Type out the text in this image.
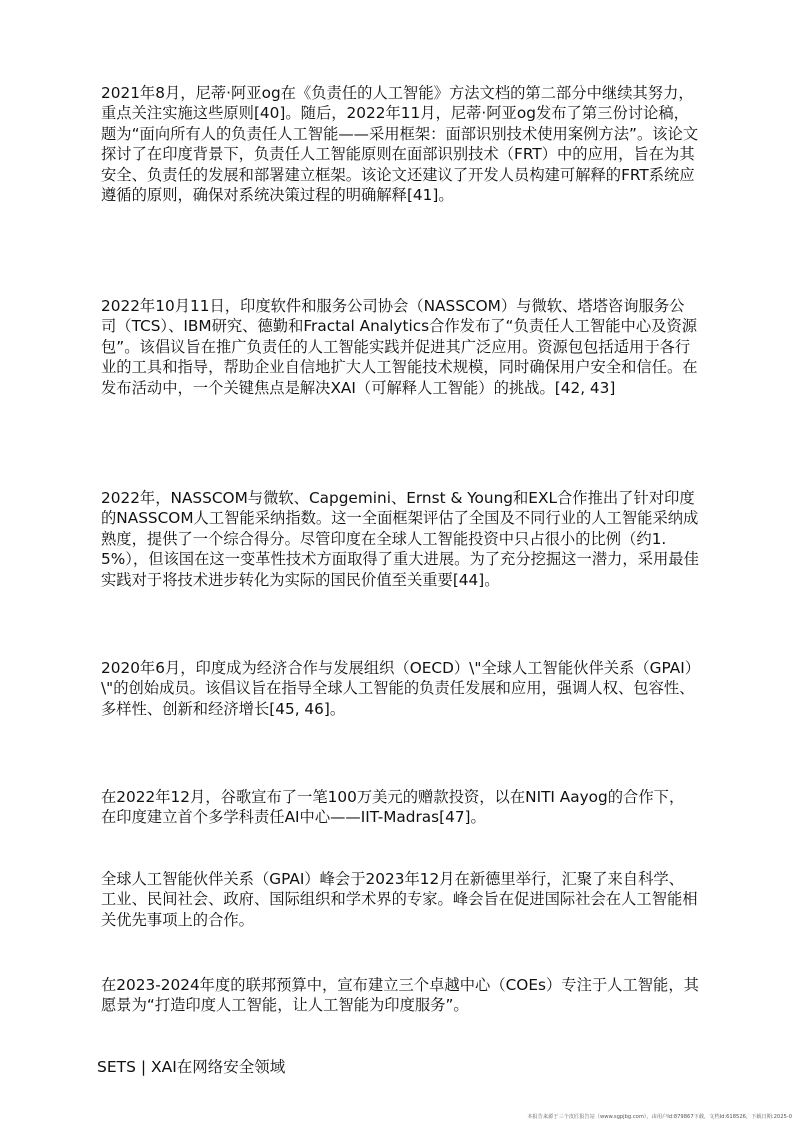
2021年8月，尼蒂·阿亚og在《负责任的人工智能》方法文档的第二部分中继续其努力，重点关注实施这些原则[40]。随后，2022年11月，尼蒂·阿亚og发布了第三份讨论稿，题为“面向所有人的负责任人工智能——采用框架：面部识别技术使用案例方法”。该论文探讨了在印度背景下，负责任人工智能原则在面部识别技术（FRT）中的应用，旨在为其安全、负责任的发展和部署建立框架。该论文还建议了开发人员构建可解释的FRT系统应遵循的原则，确保对系统决策过程的明确解释[41]。

2022年10月11日，印度软件和服务公司协会（NASSCOM）与微软、塔塔咨询服务公司（TCS）、IBM研究、德勤和Fractal Analytics合作发布了“负责任人工智能中心及资源包”。该倡议旨在推广负责任的人工智能实践并促进其广泛应用。资源包包括适用于各行业的工具和指导，帮助企业自信地扩大人工智能技术规模，同时确保用户安全和信任。在发布活动中，一个关键焦点是解决XAI（可解释人工智能）的挑战。[42, 43]

2022年，NASSCOM与微软、Capgemini、Ernst & Young和EXL合作推出了针对印度的NASSCOM人工智能采纳指数。这一全面框架评估了全国及不同行业的人工智能采纳成熟度，提供了一个综合得分。尽管印度在全球人工智能投资中只占很小的比例（约1.5%），但该国在这一变革性技术方面取得了重大进展。为了充分挖掘这一潜力，采用最佳实践对于将技术进步转化为实际的国民价值至关重要[44]。

2020年6月，印度成为经济合作与发展组织（OECD）\"全球人工智能伙伴关系（GPAI）\"的创始成员。该倡议旨在指导全球人工智能的负责任发展和应用，强调人权、包容性、多样性、创新和经济增长[45, 46]。

在2022年12月，谷歌宣布了一笔100万美元的赠款投资，以在NITI Aayog的合作下，在印度建立首个多学科责任AI中心——IIT-Madras[47]。

全球人工智能伙伴关系（GPAI）峰会于2023年12月在新德里举行，汇聚了来自科学、工业、民间社会、政府、国际组织和学术界的专家。峰会旨在促进国际社会在人工智能相关优先事项上的合作。

在2023-2024年度的联邦预算中，宣布建立三个卓越中心（COEs）专注于人工智能，其愿景为“打造印度人工智能，让人工智能为印度服务”。

SETS | XAI在网络安全领域
本报告来源于三个皮匠报告站（www.sgpjbg.com），由用户Id:879867下载，文档Id:618526，下载日期:2025-0
